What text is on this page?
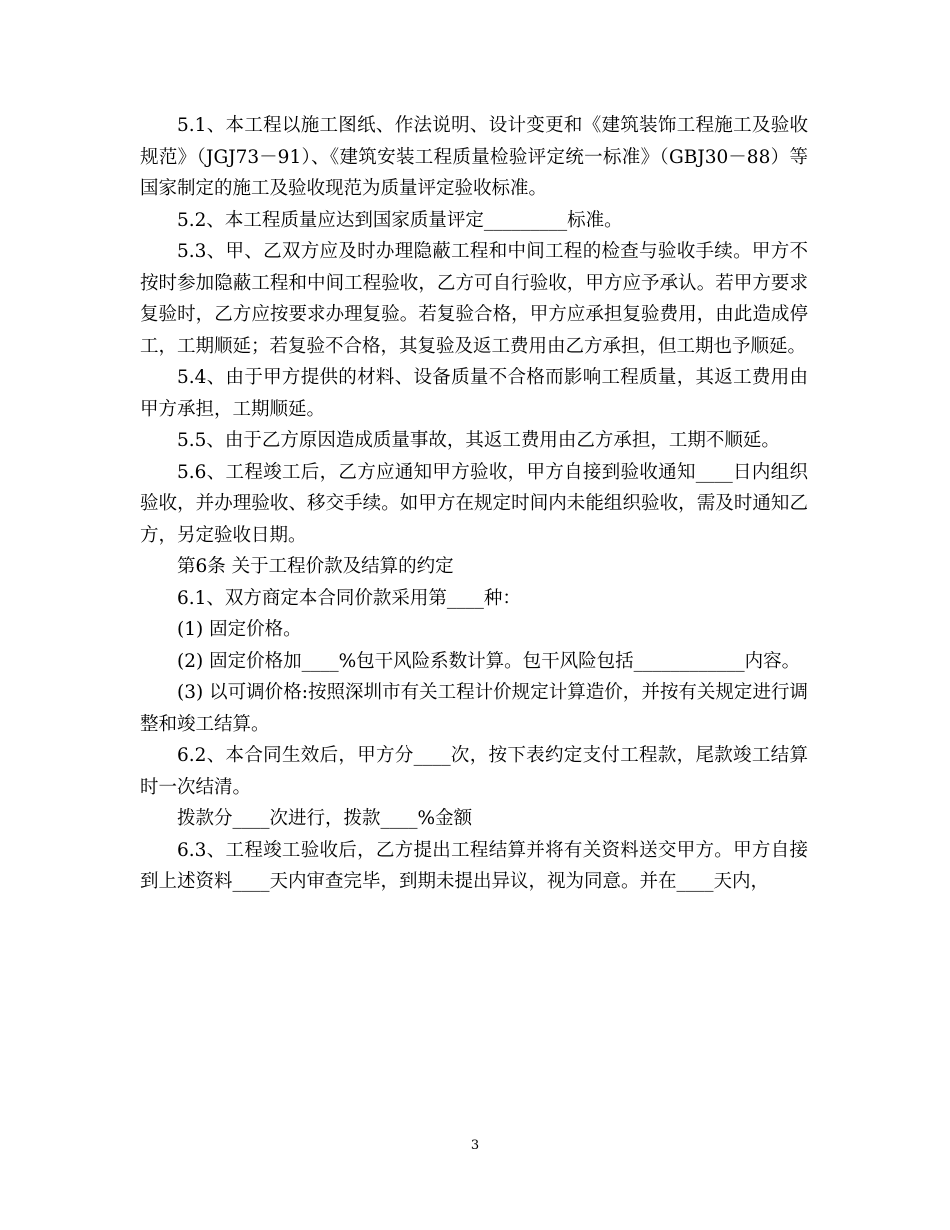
5.1、本工程以施工图纸、作法说明、设计变更和《建筑装饰工程施工及验收规范》（JGJ73－91）、《建筑安装工程质量检验评定统一标准》（GBJ30－88）等国家制定的施工及验收现范为质量评定验收标准。

5.2、本工程质量应达到国家质量评定_________标准。

5.3、甲、乙双方应及时办理隐蔽工程和中间工程的检查与验收手续。甲方不按时参加隐蔽工程和中间工程验收，乙方可自行验收，甲方应予承认。若甲方要求复验时，乙方应按要求办理复验。若复验合格，甲方应承担复验费用，由此造成停工，工期顺延；若复验不合格，其复验及返工费用由乙方承担，但工期也予顺延。

5.4、由于甲方提供的材料、设备质量不合格而影响工程质量，其返工费用由甲方承担，工期顺延。

5.5、由于乙方原因造成质量事故，其返工费用由乙方承担，工期不顺延。

5.6、工程竣工后，乙方应通知甲方验收，甲方自接到验收通知____日内组织验收，并办理验收、移交手续。如甲方在规定时间内未能组织验收，需及时通知乙方，另定验收日期。

第6条 关于工程价款及结算的约定

6.1、双方商定本合同价款采用第____种：

(1) 固定价格。

(2) 固定价格加____%包干风险系数计算。包干风险包括____________内容。

(3) 以可调价格:按照深圳市有关工程计价规定计算造价，并按有关规定进行调整和竣工结算。

6.2、本合同生效后，甲方分____次，按下表约定支付工程款，尾款竣工结算时一次结清。

拨款分____次进行，拨款____%金额

6.3、工程竣工验收后，乙方提出工程结算并将有关资料送交甲方。甲方自接到上述资料____天内审查完毕，到期未提出异议，视为同意。并在____天内，

3
